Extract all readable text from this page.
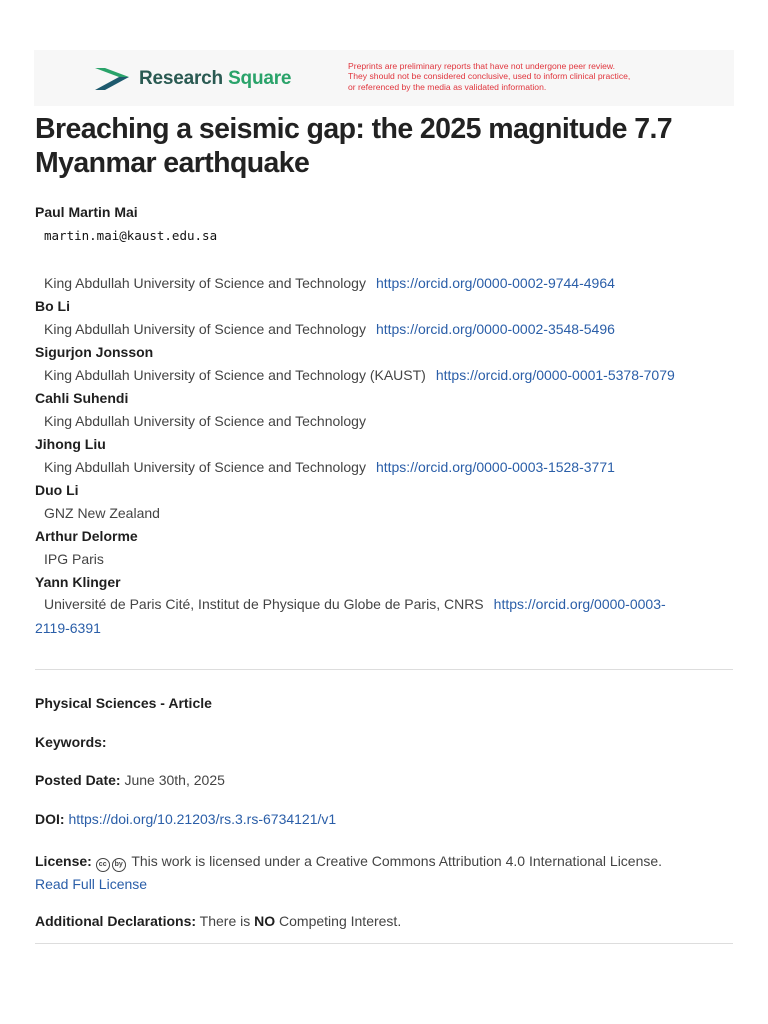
Research Square
Preprints are preliminary reports that have not undergone peer review.
They should not be considered conclusive, used to inform clinical practice,
or referenced by the media as validated information.
Breaching a seismic gap: the 2025 magnitude 7.7 Myanmar earthquake
Paul Martin Mai
martin.mai@kaust.edu.sa
King Abdullah University of Science and Technology https://orcid.org/0000-0002-9744-4964
Bo Li
King Abdullah University of Science and Technology https://orcid.org/0000-0002-3548-5496
Sigurjon Jonsson
King Abdullah University of Science and Technology (KAUST) https://orcid.org/0000-0001-5378-7079
Cahli Suhendi
King Abdullah University of Science and Technology
Jihong Liu
King Abdullah University of Science and Technology https://orcid.org/0000-0003-1528-3771
Duo Li
GNZ New Zealand
Arthur Delorme
IPG Paris
Yann Klinger
Université de Paris Cité, Institut de Physique du Globe de Paris, CNRS https://orcid.org/0000-0003-
2119-6391
Physical Sciences - Article
Keywords:
Posted Date: June 30th, 2025
DOI: https://doi.org/10.21203/rs.3.rs-6734121/v1
License: cc by This work is licensed under a Creative Commons Attribution 4.0 International License.
Read Full License
Additional Declarations: There is NO Competing Interest.
